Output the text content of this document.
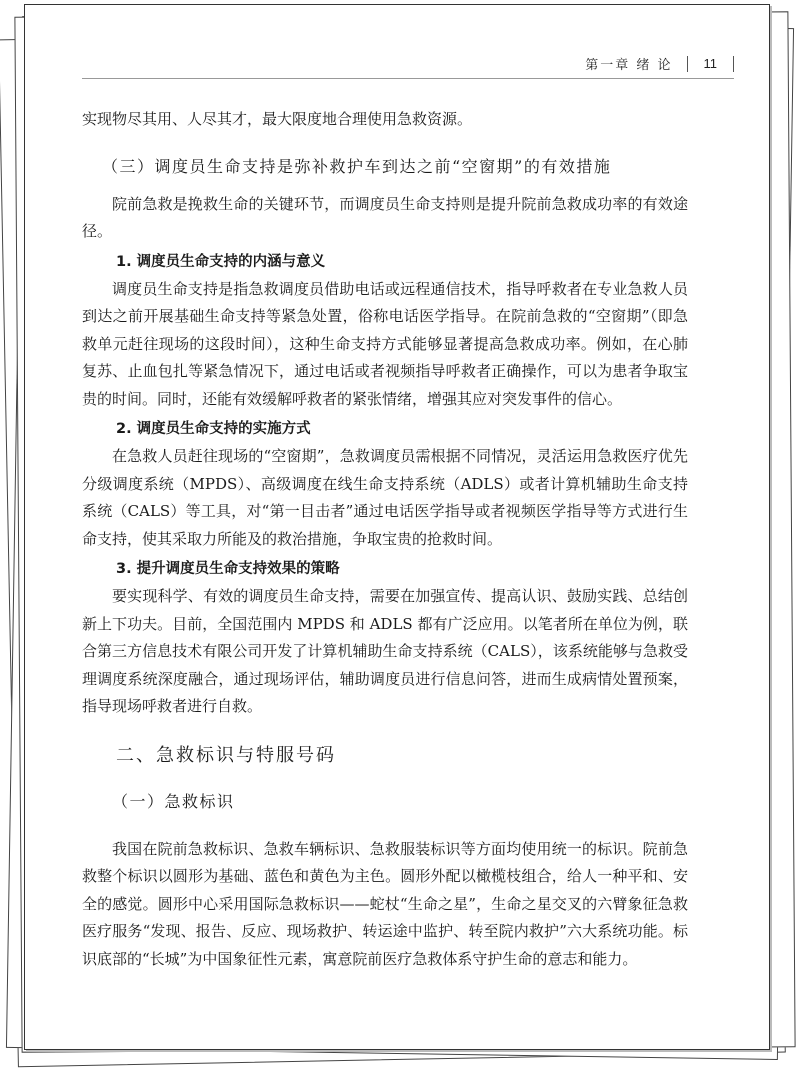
第一章 绪 论 11

实现物尽其用、人尽其才，最大限度地合理使用急救资源。

（三）调度员生命支持是弥补救护车到达之前“空窗期”的有效措施

院前急救是挽救生命的关键环节，而调度员生命支持则是提升院前急救成功率的有效途径。

1. 调度员生命支持的内涵与意义

调度员生命支持是指急救调度员借助电话或远程通信技术，指导呼救者在专业急救人员到达之前开展基础生命支持等紧急处置，俗称电话医学指导。在院前急救的“空窗期”（即急救单元赶往现场的这段时间），这种生命支持方式能够显著提高急救成功率。例如，在心肺复苏、止血包扎等紧急情况下，通过电话或者视频指导呼救者正确操作，可以为患者争取宝贵的时间。同时，还能有效缓解呼救者的紧张情绪，增强其应对突发事件的信心。

2. 调度员生命支持的实施方式

在急救人员赶往现场的“空窗期”，急救调度员需根据不同情况，灵活运用急救医疗优先分级调度系统（MPDS）、高级调度在线生命支持系统（ADLS）或者计算机辅助生命支持系统（CALS）等工具，对“第一目击者”通过电话医学指导或者视频医学指导等方式进行生命支持，使其采取力所能及的救治措施，争取宝贵的抢救时间。

3. 提升调度员生命支持效果的策略

要实现科学、有效的调度员生命支持，需要在加强宣传、提高认识、鼓励实践、总结创新上下功夫。目前，全国范围内 MPDS 和 ADLS 都有广泛应用。以笔者所在单位为例，联合第三方信息技术有限公司开发了计算机辅助生命支持系统（CALS），该系统能够与急救受理调度系统深度融合，通过现场评估，辅助调度员进行信息问答，进而生成病情处置预案，指导现场呼救者进行自救。

二、急救标识与特服号码
（一）急救标识

我国在院前急救标识、急救车辆标识、急救服装标识等方面均使用统一的标识。院前急救整个标识以圆形为基础、蓝色和黄色为主色。圆形外配以橄榄枝组合，给人一种平和、安全的感觉。圆形中心采用国际急救标识——蛇杖“生命之星”，生命之星交叉的六臂象征急救医疗服务“发现、报告、反应、现场救护、转运途中监护、转至院内救护”六大系统功能。标识底部的“长城”为中国象征性元素，寓意院前医疗急救体系守护生命的意志和能力。
